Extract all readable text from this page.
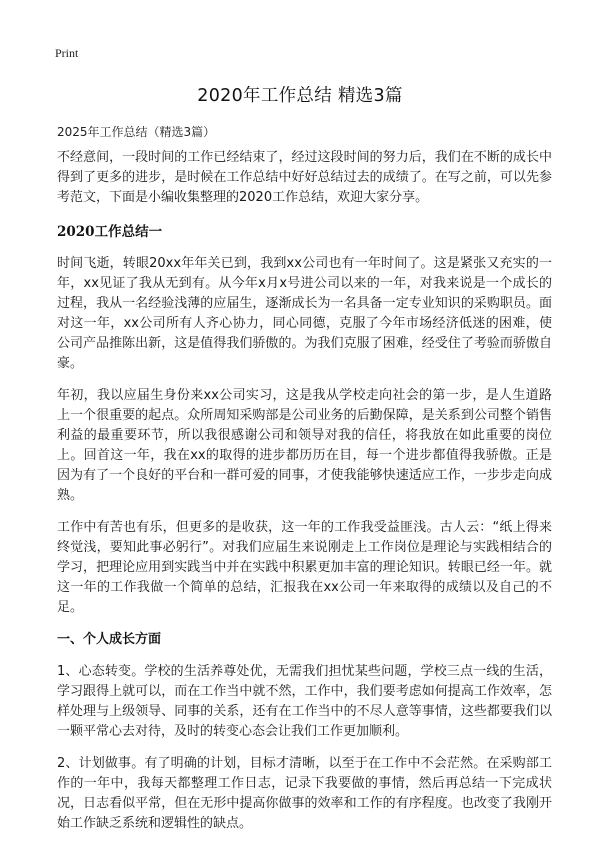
Print
2020年工作总结 精选3篇
2025年工作总结（精选3篇）

不经意间，一段时间的工作已经结束了，经过这段时间的努力后，我们在不断的成长中得到了更多的进步，是时候在工作总结中好好总结过去的成绩了。在写之前，可以先参考范文，下面是小编收集整理的2020工作总结，欢迎大家分享。

2020工作总结一

时间飞逝，转眼20xx年年关已到，我到xx公司也有一年时间了。这是紧张又充实的一年，xx见证了我从无到有。从今年x月x号进公司以来的一年，对我来说是一个成长的过程，我从一名经验浅薄的应届生，逐渐成长为一名具备一定专业知识的采购职员。面对这一年，xx公司所有人齐心协力，同心同德，克服了今年市场经济低迷的困难，使公司产品推陈出新，这是值得我们骄傲的。为我们克服了困难，经受住了考验而骄傲自豪。

年初，我以应届生身份来xx公司实习，这是我从学校走向社会的第一步，是人生道路上一个很重要的起点。众所周知采购部是公司业务的后勤保障，是关系到公司整个销售利益的最重要环节，所以我很感谢公司和领导对我的信任，将我放在如此重要的岗位上。回首这一年，我在xx的取得的进步都历历在目，每一个进步都值得我骄傲。正是因为有了一个良好的平台和一群可爱的同事，才使我能够快速适应工作，一步步走向成熟。

工作中有苦也有乐，但更多的是收获，这一年的工作我受益匪浅。古人云：“纸上得来终觉浅，要知此事必躬行”。对我们应届生来说刚走上工作岗位是理论与实践相结合的学习，把理论应用到实践当中并在实践中积累更加丰富的理论知识。转眼已经一年。就这一年的工作我做一个简单的总结，汇报我在xx公司一年来取得的成绩以及自己的不足。

一、个人成长方面

1、心态转变。学校的生活养尊处优，无需我们担忧某些问题，学校三点一线的生活，学习跟得上就可以，而在工作当中就不然，工作中，我们要考虑如何提高工作效率，怎样处理与上级领导、同事的关系，还有在工作当中的不尽人意等事情，这些都要我们以一颗平常心去对待，及时的转变心态会让我们工作更加顺利。

2、计划做事。有了明确的计划，目标才清晰，以至于在工作中不会茫然。在采购部工作的一年中，我每天都整理工作日志，记录下我要做的事情，然后再总结一下完成状况，日志看似平常，但在无形中提高你做事的效率和工作的有序程度。也改变了我刚开始工作缺乏系统和逻辑性的缺点。
